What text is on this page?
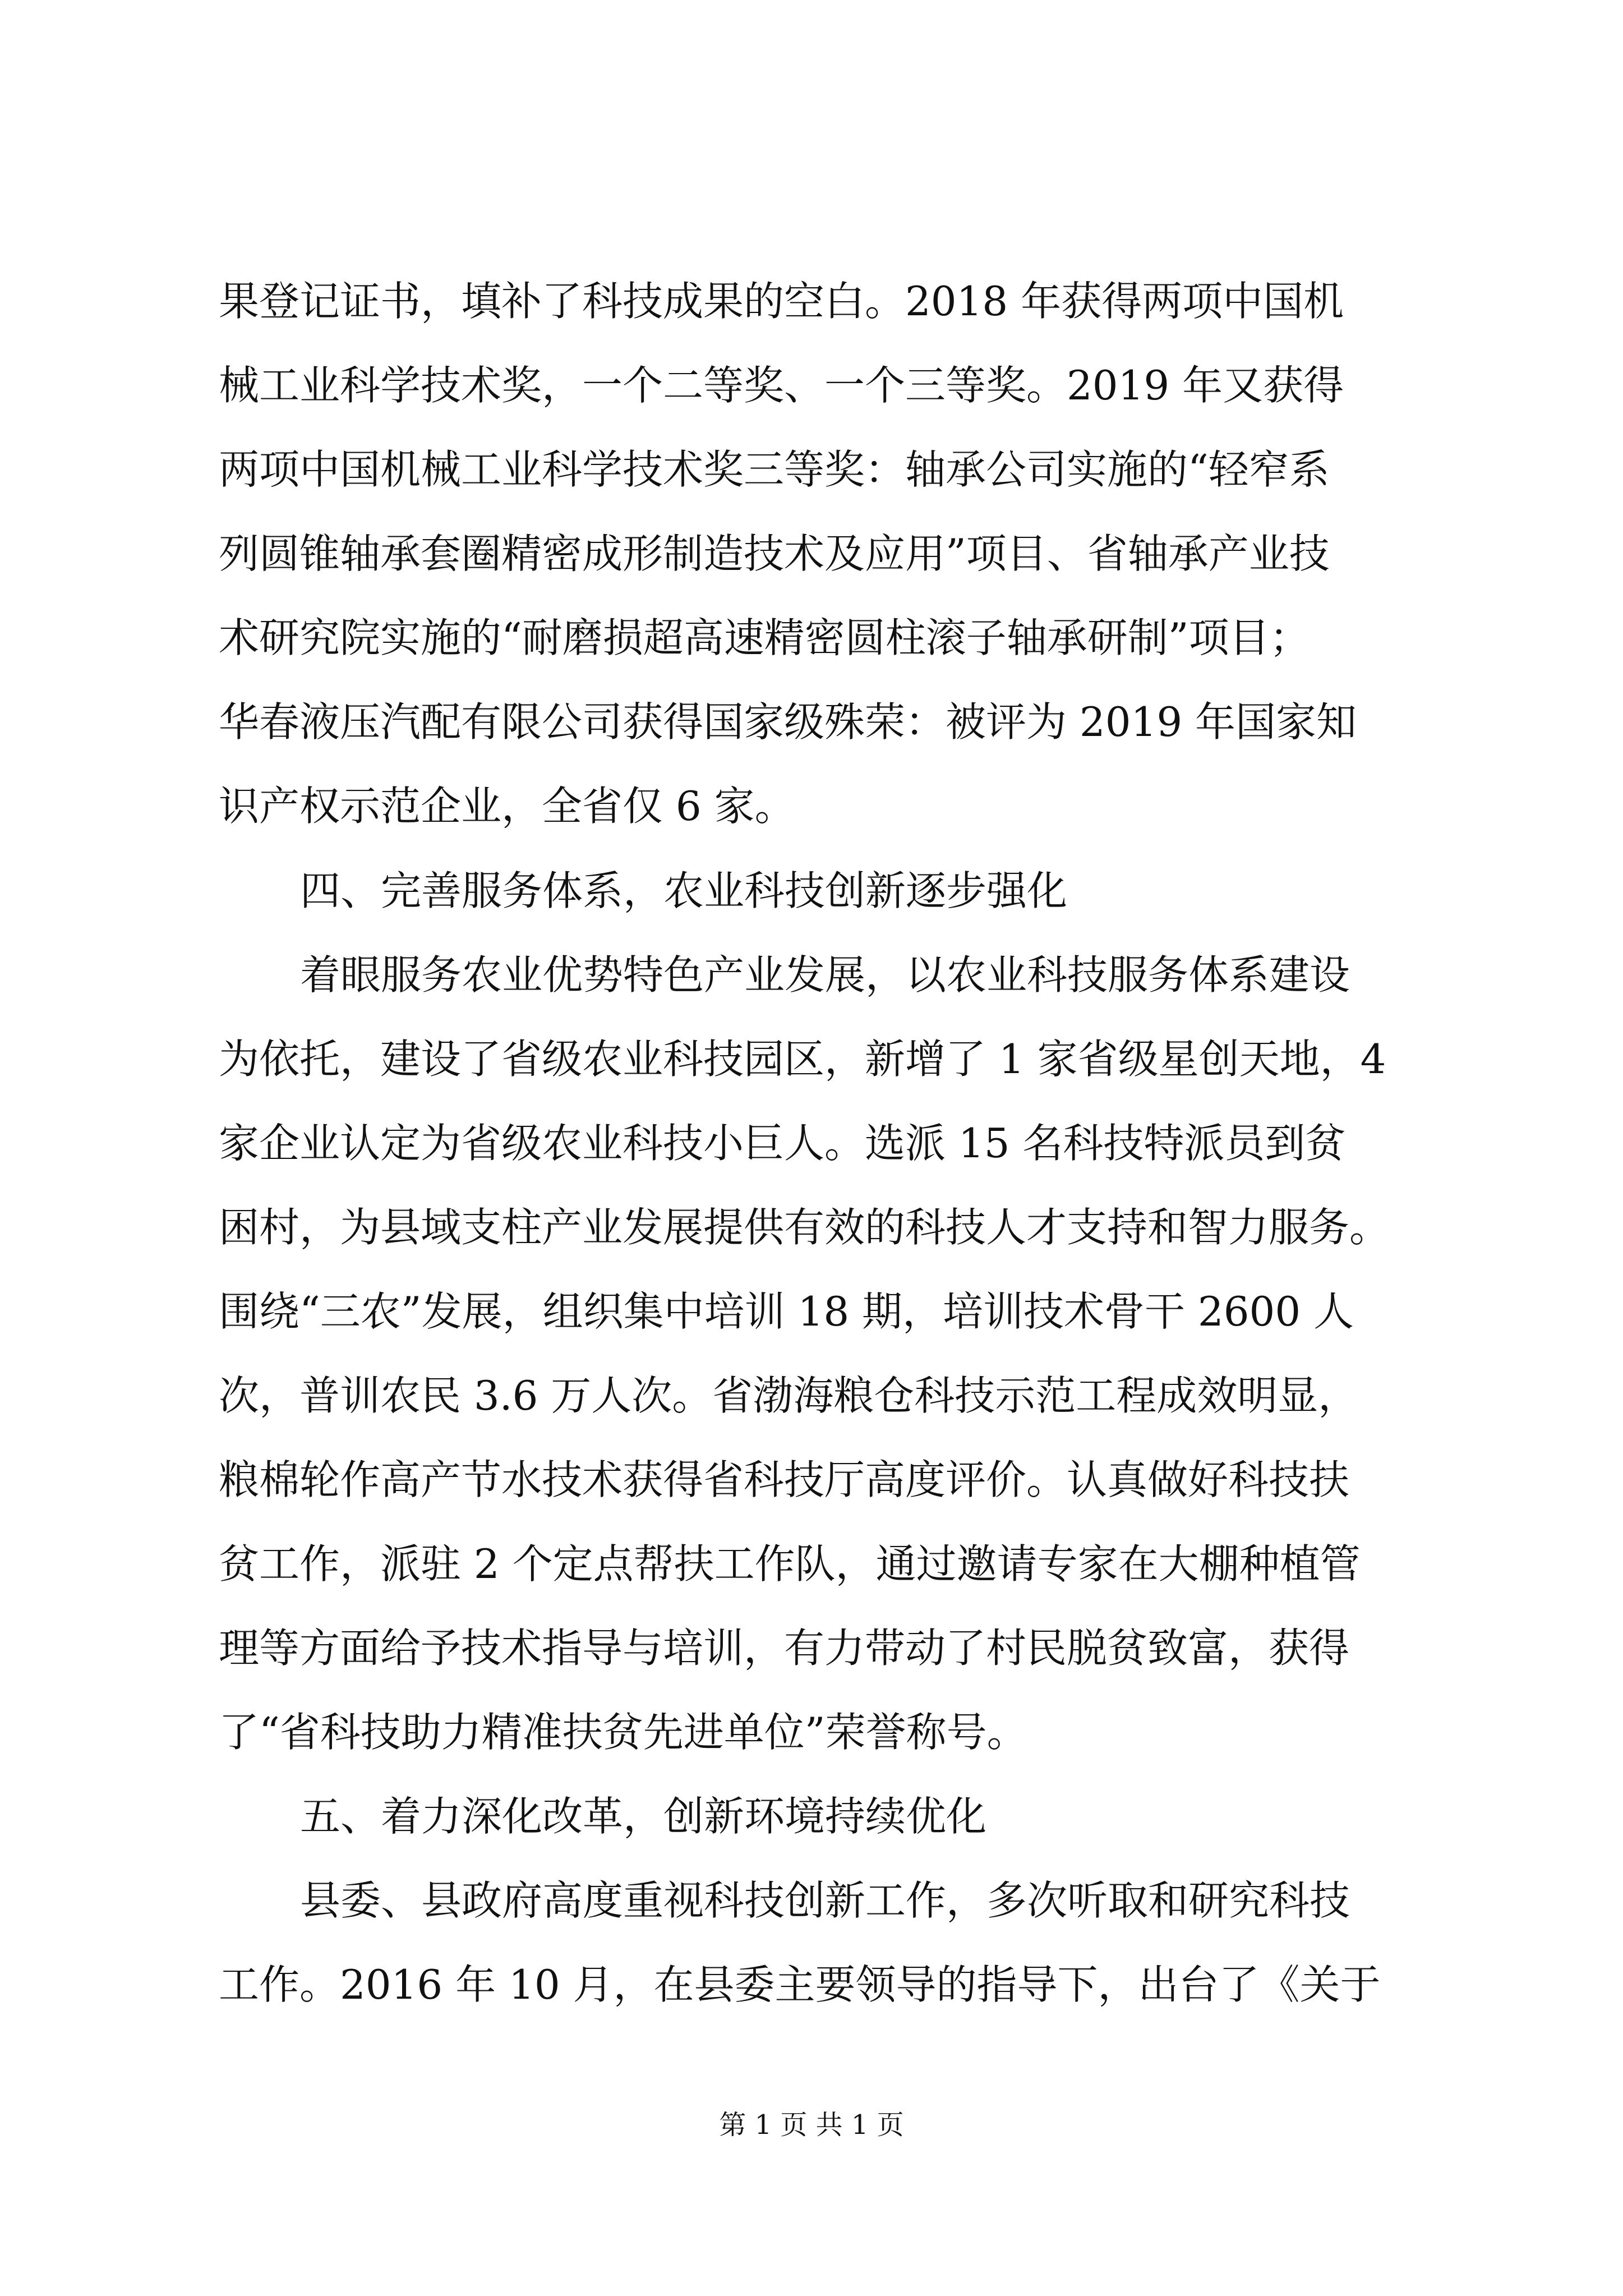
果登记证书，填补了科技成果的空白。2018 年获得两项中国机
械工业科学技术奖，一个二等奖、一个三等奖。2019 年又获得
两项中国机械工业科学技术奖三等奖：轴承公司实施的“轻窄系
列圆锥轴承套圈精密成形制造技术及应用”项目、省轴承产业技
术研究院实施的“耐磨损超高速精密圆柱滚子轴承研制”项目；
华春液压汽配有限公司获得国家级殊荣：被评为 2019 年国家知
识产权示范企业，全省仅 6 家。
四、完善服务体系，农业科技创新逐步强化
着眼服务农业优势特色产业发展，以农业科技服务体系建设
为依托，建设了省级农业科技园区，新增了 1 家省级星创天地，4
家企业认定为省级农业科技小巨人。选派 15 名科技特派员到贫
困村，为县域支柱产业发展提供有效的科技人才支持和智力服务。
围绕“三农”发展，组织集中培训 18 期，培训技术骨干 2600 人
次，普训农民 3.6 万人次。省渤海粮仓科技示范工程成效明显，
粮棉轮作高产节水技术获得省科技厅高度评价。认真做好科技扶
贫工作，派驻 2 个定点帮扶工作队，通过邀请专家在大棚种植管
理等方面给予技术指导与培训，有力带动了村民脱贫致富，获得
了“省科技助力精准扶贫先进单位”荣誉称号。
五、着力深化改革，创新环境持续优化
县委、县政府高度重视科技创新工作，多次听取和研究科技
工作。2016 年 10 月，在县委主要领导的指导下，出台了《关于
第 1 页 共 1 页
